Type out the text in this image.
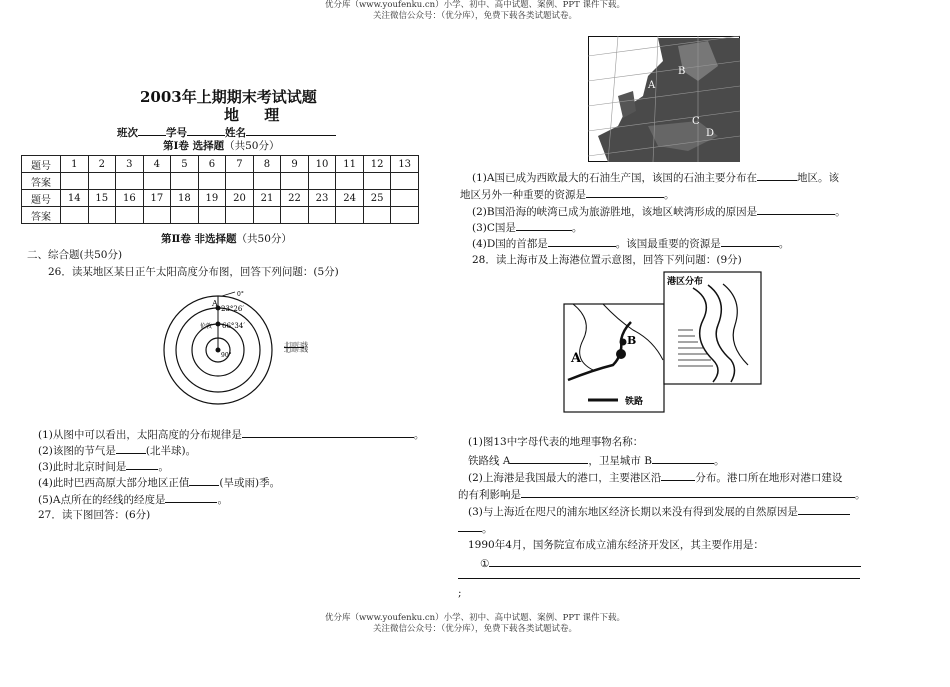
优分库（www.youfenku.cn）小学、初中、高中试题、案例、PPT 课件下载。
关注微信公众号：（优分库），免费下载各类试题试卷。
2003年上期期末考试试题
地 理
班次	学号	姓名
第Ⅰ卷 选择题（共50分）
题号	1	2	3	4	5	6	7	8	9	10	11	12	13
答案													
题号	14	15	16	17	18	19	20	21	22	23	24	25	
答案													
第Ⅱ卷 非选择题（共50分）
二、综合题(共50分)
26．读某地区某日正午太阳高度分布图，回答下列问题：(5分)
A
23°26′
0°
伦敦 66°34′
北回归线
90°
北回归线
(1)从图中可以看出，太阳高度的分布规律是	。
(2)该图的节气是	(北半球)。
(3)此时北京时间是	。
(4)此时巴西高原大部分地区正值	(旱或雨)季。
(5)A点所在的经线的经度是	。
27．读下图回答：(6分)
A
B
C
D
(1)A国已成为西欧最大的石油生产国，该国的石油主要分布在	地区。该
地区另外一种重要的资源是	。
(2)B国沿海的峡湾已成为旅游胜地，该地区峡湾形成的原因是	。
(3)C国是	。
(4)D国的首都是	。该国最重要的资源是	。
28．读上海市及上海港位置示意图，回答下列问题：(9分)
港区分布
A
B
铁路
(1)图13中字母代表的地理事物名称：
铁路线 A	，卫星城市 B	。
(2)上海港是我国最大的港口，主要港区沿	分布。港口所在地形对港口建设
的有利影响是	。
(3)与上海近在咫尺的浦东地区经济长期以来没有得到发展的自然原因是
。
1990年4月，国务院宣布成立浦东经济开发区，其主要作用是：
①
;
优分库（www.youfenku.cn）小学、初中、高中试题、案例、PPT 课件下载。
关注微信公众号：（优分库），免费下载各类试题试卷。
